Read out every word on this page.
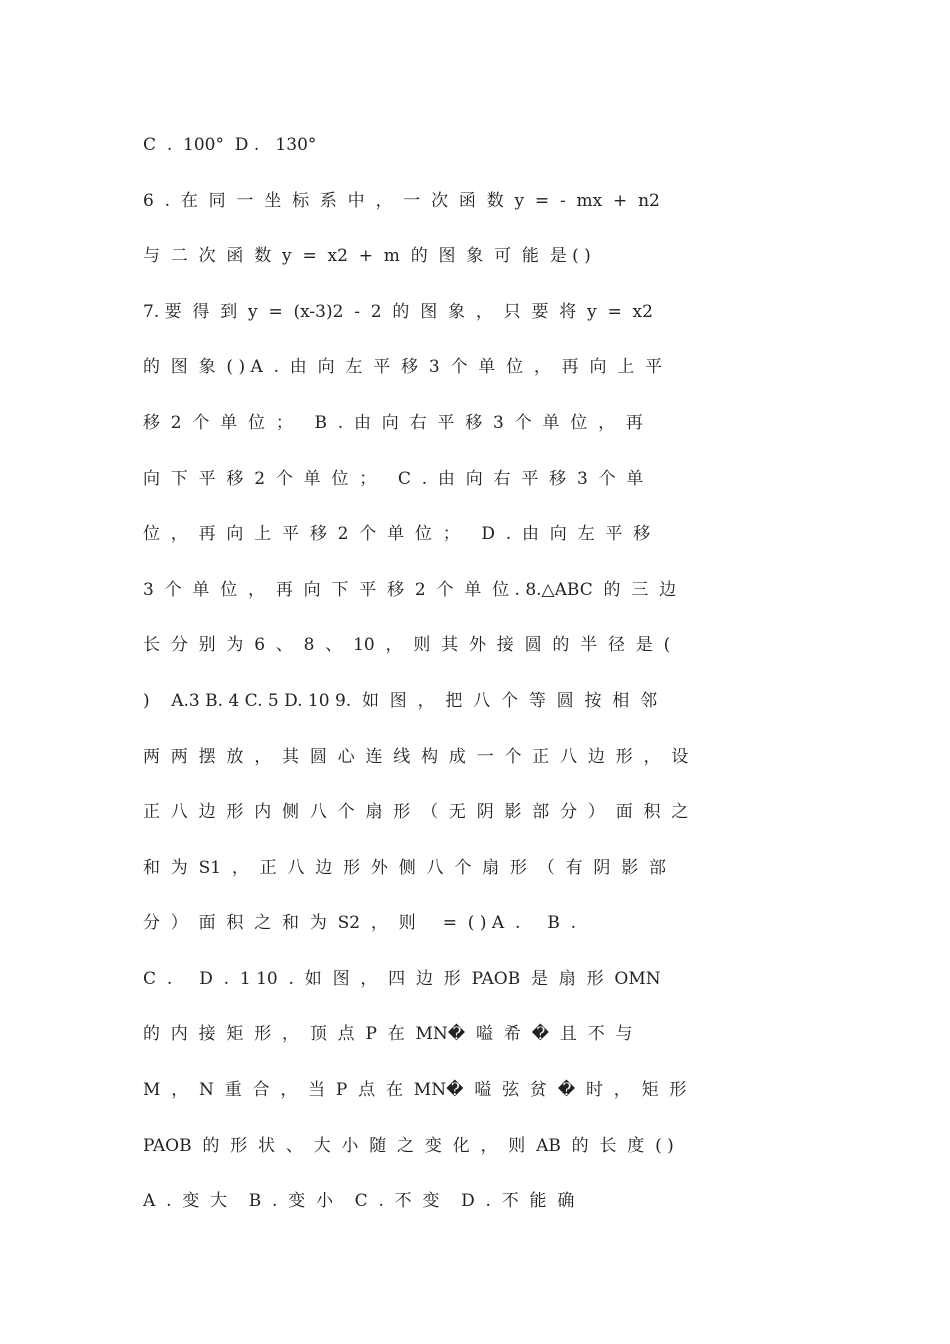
C  .  100°  D .   130°
6  .  在  同  一  坐  标  系  中  ，  一  次  函  数  y  =  -  mx  +  n2
与  二  次  函  数  y  =  x2  +  m  的  图  象  可  能  是 ( )
7. 要  得  到  y  =  (x-3)2  -  2  的  图  象  ，  只  要  将  y  =  x2
的  图  象  ( ) A  .  由  向  左  平  移  3  个  单  位  ，  再  向  上  平
移  2  个  单  位  ；    B  .  由  向  右  平  移  3  个  单  位  ，  再
向  下  平  移  2  个  单  位  ；    C  .  由  向  右  平  移  3  个  单
位  ，  再  向  上  平  移  2  个  单  位  ；    D  .  由  向  左  平  移
3  个  单  位  ，  再  向  下  平  移  2  个  单  位 . 8.△ABC  的  三  边
长  分  别  为  6  、  8  、  10  ，  则  其  外  接  圆  的  半  径  是  (
)    A.3 B. 4 C. 5 D. 10 9.  如  图  ，  把  八  个  等  圆  按  相  邻
两  两  摆  放  ，  其  圆  心  连  线  构  成  一  个  正  八  边  形  ，  设
正  八  边  形  内  侧  八  个  扇  形  （  无  阴  影  部  分  ）  面  积  之
和  为  S1  ，  正  八  边  形  外  侧  八  个  扇  形  （  有  阴  影  部
分  ）  面  积  之  和  为  S2  ，  则     =  ( ) A  .     B  .
C  .     D  .  1 10  .  如  图  ，  四  边  形  PAOB  是  扇  形  OMN
的  内  接  矩  形  ，  顶  点  P  在  MN�  嗌  希  �  且  不  与
M  ，  N  重  合  ，  当  P  点  在  MN�  嗌  弦  贫  �  时  ，  矩  形
PAOB  的  形  状  、  大  小  随  之  变  化  ，  则  AB  的  长  度  ( )
A  .  变  大    B  .  变  小    C  .  不  变    D  .  不  能  确
